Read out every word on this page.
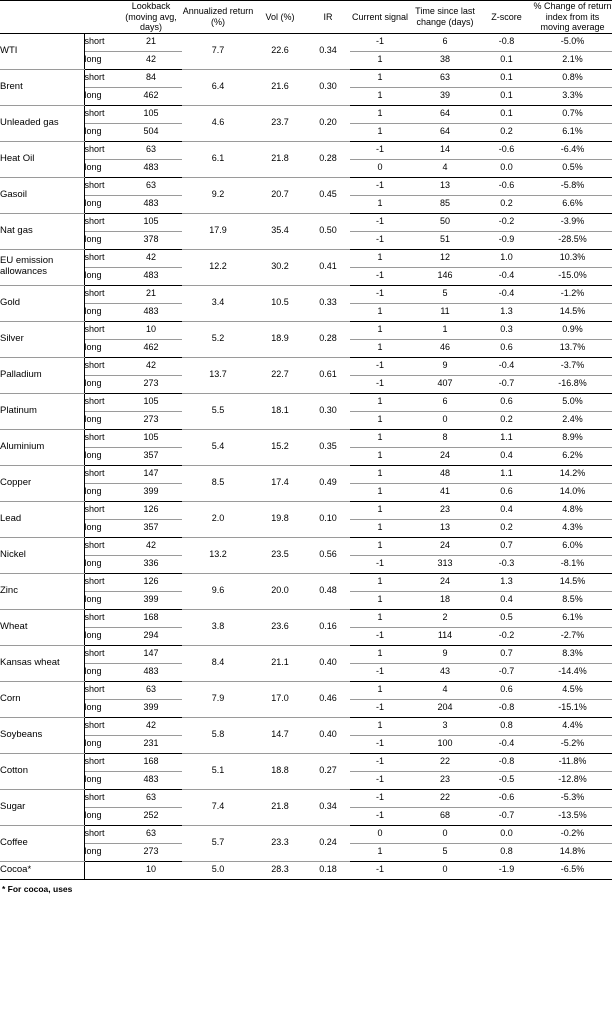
		Lookback (moving avg, days)	Annualized return (%)	Vol (%)	IR	Current signal	Time since last change (days)	Z-score	% Change of return index from its moving average
WTI	short	21	7.7	22.6	0.34	-1	6	-0.8	-5.0%
	long	42				1	38	0.1	2.1%
Brent	short	84	6.4	21.6	0.30	1	63	0.1	0.8%
	long	462				1	39	0.1	3.3%
Unleaded gas	short	105	4.6	23.7	0.20	1	64	0.1	0.7%
	long	504				1	64	0.2	6.1%
Heat Oil	short	63	6.1	21.8	0.28	-1	14	-0.6	-6.4%
	long	483				0	4	0.0	0.5%
Gasoil	short	63	9.2	20.7	0.45	-1	13	-0.6	-5.8%
	long	483				1	85	0.2	6.6%
Nat gas	short	105	17.9	35.4	0.50	-1	50	-0.2	-3.9%
	long	378				-1	51	-0.9	-28.5%
EU emission allowances	short	42	12.2	30.2	0.41	1	12	1.0	10.3%
	long	483				-1	146	-0.4	-15.0%
Gold	short	21	3.4	10.5	0.33	-1	5	-0.4	-1.2%
	long	483				1	11	1.3	14.5%
Silver	short	10	5.2	18.9	0.28	1	1	0.3	0.9%
	long	462				1	46	0.6	13.7%
Palladium	short	42	13.7	22.7	0.61	-1	9	-0.4	-3.7%
	long	273				-1	407	-0.7	-16.8%
Platinum	short	105	5.5	18.1	0.30	1	6	0.6	5.0%
	long	273				1	0	0.2	2.4%
Aluminium	short	105	5.4	15.2	0.35	1	8	1.1	8.9%
	long	357				1	24	0.4	6.2%
Copper	short	147	8.5	17.4	0.49	1	48	1.1	14.2%
	long	399				1	41	0.6	14.0%
Lead	short	126	2.0	19.8	0.10	1	23	0.4	4.8%
	long	357				1	13	0.2	4.3%
Nickel	short	42	13.2	23.5	0.56	1	24	0.7	6.0%
	long	336				-1	313	-0.3	-8.1%
Zinc	short	126	9.6	20.0	0.48	1	24	1.3	14.5%
	long	399				1	18	0.4	8.5%
Wheat	short	168	3.8	23.6	0.16	1	2	0.5	6.1%
	long	294				-1	114	-0.2	-2.7%
Kansas wheat	short	147	8.4	21.1	0.40	1	9	0.7	8.3%
	long	483				-1	43	-0.7	-14.4%
Corn	short	63	7.9	17.0	0.46	1	4	0.6	4.5%
	long	399				-1	204	-0.8	-15.1%
Soybeans	short	42	5.8	14.7	0.40	1	3	0.8	4.4%
	long	231				-1	100	-0.4	-5.2%
Cotton	short	168	5.1	18.8	0.27	-1	22	-0.8	-11.8%
	long	483				-1	23	-0.5	-12.8%
Sugar	short	63	7.4	21.8	0.34	-1	22	-0.6	-5.3%
	long	252				-1	68	-0.7	-13.5%
Coffee	short	63	5.7	23.3	0.24	0	0	0.0	-0.2%
	long	273				1	5	0.8	14.8%
Cocoa*		10	5.0	28.3	0.18	-1	0	-1.9	-6.5%
* For cocoa, uses
